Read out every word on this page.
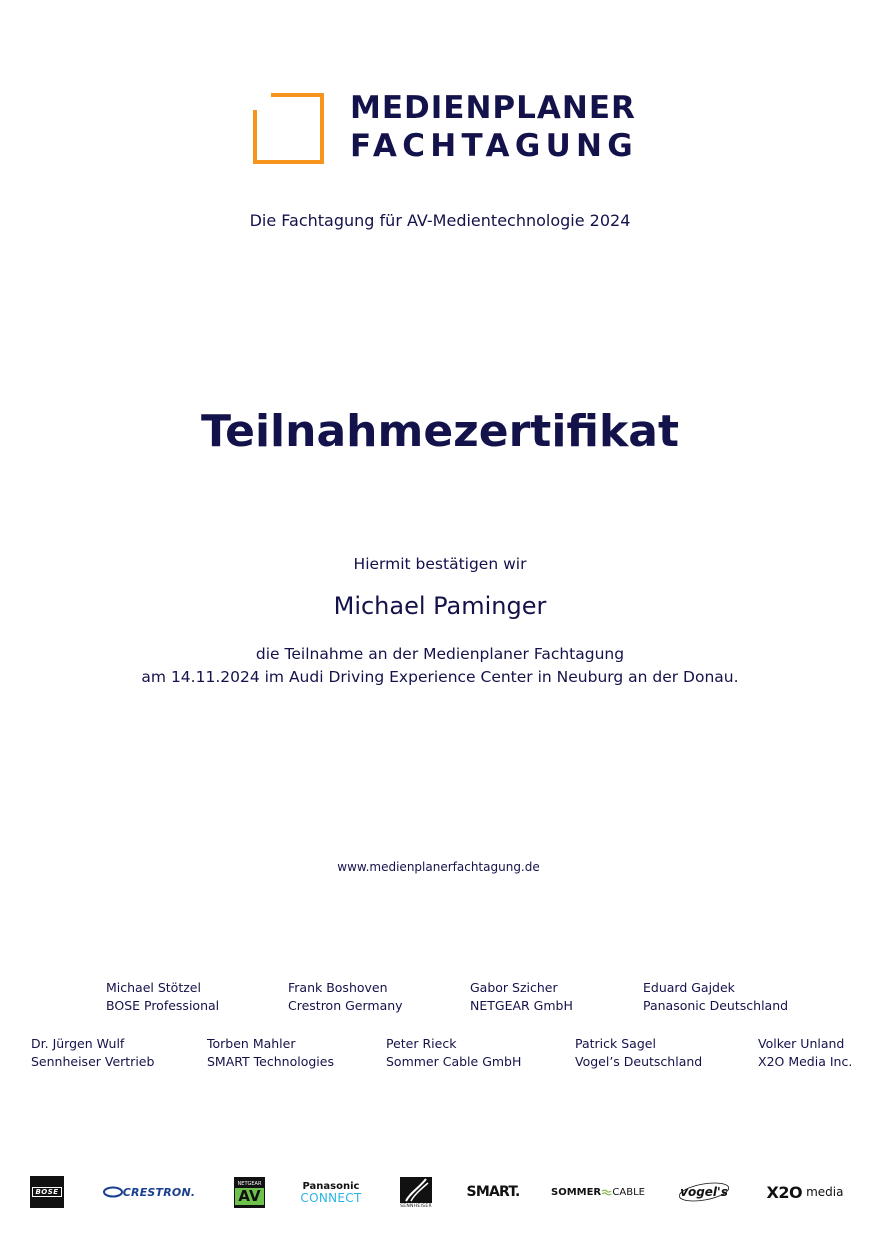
MEDIENPLANER
FACHTAGUNG
Die Fachtagung für AV-Medientechnologie 2024
Teilnahmezertifikat
Hiermit bestätigen wir
Michael Paminger
die Teilnahme an der Medienplaner Fachtagung
am 14.11.2024 im Audi Driving Experience Center in Neuburg an der Donau.
www.medienplanerfachtagung.de
Michael Stötzel
BOSE Professional
Frank Boshoven
Crestron Germany
Gabor Szicher
NETGEAR GmbH
Eduard Gajdek
Panasonic Deutschland
Dr. Jürgen Wulf
Sennheiser Vertrieb
Torben Mahler
SMART Technologies
Peter Rieck
Sommer Cable GmbH
Patrick Sagel
Vogel’s Deutschland
Volker Unland
X2O Media Inc.
BOSE	CRESTRON.
NETGEAR
AV	Panasonic
CONNECT
SENNHEISER
SMART.	SOMMER CABLE	vogel's X2O media
